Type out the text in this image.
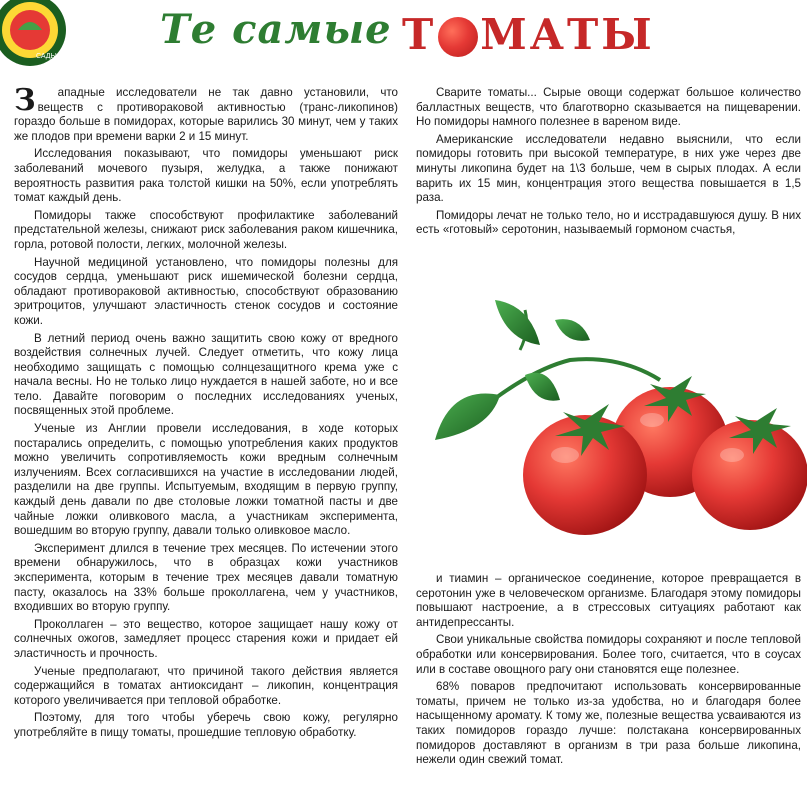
САДЫ ГОРОДЫ РОССИИ
Те самые Т МАТЫ

З ападные исследователи не так давно установили, что веществ с противораковой активностью (транс-ликопинов) гораздо больше в помидорах, которые варились 30 минут, чем у таких же плодов при времени варки 2 и 15 минут.

Исследования показывают, что помидоры уменьшают риск заболеваний мочевого пузыря, желудка, а также понижают вероятность развития рака толстой кишки на 50%, если употреблять томат каждый день.

Помидоры также способствуют профилактике заболеваний предстательной железы, снижают риск заболевания раком кишечника, горла, ротовой полости, легких, молочной железы.

Научной медициной установлено, что помидоры полезны для сосудов сердца, уменьшают риск ишемической болезни сердца, обладают противораковой активностью, способствуют образованию эритроцитов, улучшают эластичность стенок сосудов и состояние кожи.

В летний период очень важно защитить свою кожу от вредного воздействия солнечных лучей. Следует отметить, что кожу лица необходимо защищать с помощью солнцезащитного крема уже с начала весны. Но не только лицо нуждается в нашей заботе, но и все тело. Давайте поговорим о последних исследованиях ученых, посвященных этой проблеме.

Ученые из Англии провели исследования, в ходе которых постарались определить, с помощью употребления каких продуктов можно увеличить сопротивляемость кожи вредным солнечным излучениям. Всех согласившихся на участие в исследовании людей, разделили на две группы. Испытуемым, входящим в первую группу, каждый день давали по две столовые ложки томатной пасты и две чайные ложки оливкового масла, а участникам эксперимента, вошедшим во вторую группу, давали только оливковое масло.

Эксперимент длился в течение трех месяцев. По истечении этого времени обнаружилось, что в образцах кожи участников эксперимента, которым в течение трех месяцев давали томатную пасту, оказалось на 33% больше проколлагена, чем у участников, входивших во вторую группу.

Проколлаген – это вещество, которое защищает нашу кожу от солнечных ожогов, замедляет процесс старения кожи и придает ей эластичность и прочность.

Ученые предполагают, что причиной такого действия является содержащийся в томатах антиоксидант – ликопин, концентрация которого увеличивается при тепловой обработке.

Поэтому, для того чтобы уберечь свою кожу, регулярно употребляйте в пищу томаты, прошедшие тепловую обработку.

Сварите томаты... Сырые овощи содержат большое количество балластных веществ, что благотворно сказывается на пищеварении. Но помидоры намного полезнее в вареном виде.

Американские исследователи недавно выяснили, что если помидоры готовить при высокой температуре, в них уже через две минуты ликопина будет на 1\3 больше, чем в сырых плодах. А если варить их 15 мин, концентрация этого вещества повышается в 1,5 раза.

Помидоры лечат не только тело, но и исстрадавшуюся душу. В них есть «готовый» серотонин, называемый гормоном счастья,

и тиамин – органическое соединение, которое превращается в серотонин уже в человеческом организме. Благодаря этому помидоры повышают настроение, а в стрессовых ситуациях работают как антидепрессанты.

Свои уникальные свойства помидоры сохраняют и после тепловой обработки или консервирования. Более того, считается, что в соусах или в составе овощного рагу они становятся еще полезнее.

68% поваров предпочитают использовать консервированные томаты, причем не только из-за удобства, но и благодаря более насыщенному аромату. К тому же, полезные вещества усваиваются из таких помидоров гораздо лучше: полстакана консервированных помидоров доставляют в организм в три раза больше ликопина, нежели один свежий томат.
